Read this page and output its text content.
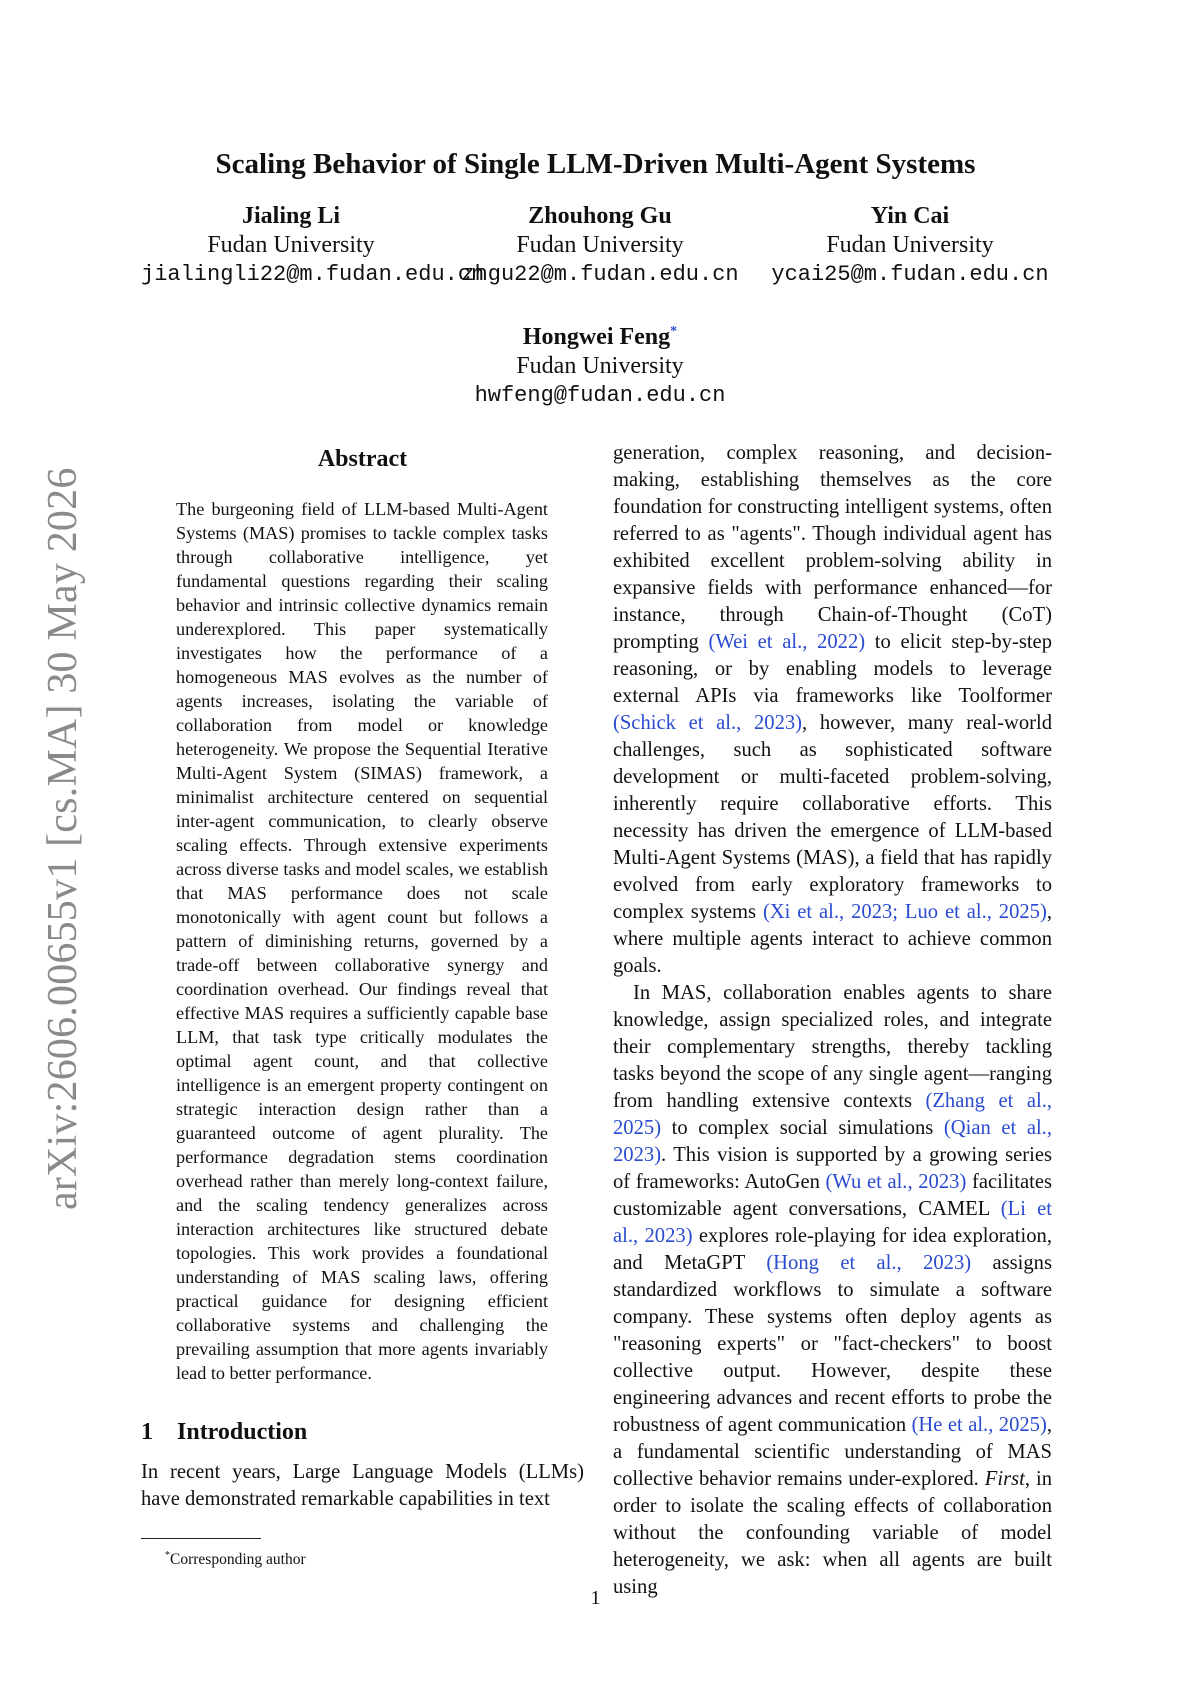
arXiv:2606.00655v1 [cs.MA] 30 May 2026
Scaling Behavior of Single LLM-Driven Multi-Agent Systems
Jialing Li
Fudan University
jialingli22@m.fudan.edu.cn
Zhouhong Gu
Fudan University
zhgu22@m.fudan.edu.cn
Yin Cai
Fudan University
ycai25@m.fudan.edu.cn
Hongwei Feng*
Fudan University
hwfeng@fudan.edu.cn
Abstract
The burgeoning field of LLM-based Multi-Agent Systems (MAS) promises to tackle complex tasks through collaborative intelligence, yet fundamental questions regarding their scaling behavior and intrinsic collective dynamics remain underexplored. This paper systematically investigates how the performance of a homogeneous MAS evolves as the number of agents increases, isolating the variable of collaboration from model or knowledge heterogeneity. We propose the Sequential Iterative Multi-Agent System (SIMAS) framework, a minimalist architecture centered on sequential inter-agent communication, to clearly observe scaling effects. Through extensive experiments across diverse tasks and model scales, we establish that MAS performance does not scale monotonically with agent count but follows a pattern of diminishing returns, governed by a trade-off between collaborative synergy and coordination overhead. Our findings reveal that effective MAS requires a sufficiently capable base LLM, that task type critically modulates the optimal agent count, and that collective intelligence is an emergent property contingent on strategic interaction design rather than a guaranteed outcome of agent plurality. The performance degradation stems coordination overhead rather than merely long-context failure, and the scaling tendency generalizes across interaction architectures like structured debate topologies. This work provides a foundational understanding of MAS scaling laws, offering practical guidance for designing efficient collaborative systems and challenging the prevailing assumption that more agents invariably lead to better performance.
1 Introduction

In recent years, Large Language Models (LLMs) have demonstrated remarkable capabilities in text

*Corresponding author

generation, complex reasoning, and decision-making, establishing themselves as the core foundation for constructing intelligent systems, often referred to as "agents". Though individual agent has exhibited excellent problem-solving ability in expansive fields with performance enhanced—for instance, through Chain-of-Thought (CoT) prompting (Wei et al., 2022) to elicit step-by-step reasoning, or by enabling models to leverage external APIs via frameworks like Toolformer (Schick et al., 2023), however, many real-world challenges, such as sophisticated software development or multi-faceted problem-solving, inherently require collaborative efforts. This necessity has driven the emergence of LLM-based Multi-Agent Systems (MAS), a field that has rapidly evolved from early exploratory frameworks to complex systems (Xi et al., 2023; Luo et al., 2025), where multiple agents interact to achieve common goals.

In MAS, collaboration enables agents to share knowledge, assign specialized roles, and integrate their complementary strengths, thereby tackling tasks beyond the scope of any single agent—ranging from handling extensive contexts (Zhang et al., 2025) to complex social simulations (Qian et al., 2023). This vision is supported by a growing series of frameworks: AutoGen (Wu et al., 2023) facilitates customizable agent conversations, CAMEL (Li et al., 2023) explores role-playing for idea exploration, and MetaGPT (Hong et al., 2023) assigns standardized workflows to simulate a software company. These systems often deploy agents as "reasoning experts" or "fact-checkers" to boost collective output. However, despite these engineering advances and recent efforts to probe the robustness of agent communication (He et al., 2025), a fundamental scientific understanding of MAS collective behavior remains under-explored. First, in order to isolate the scaling effects of collaboration without the confounding variable of model heterogeneity, we ask: when all agents are built using

1
